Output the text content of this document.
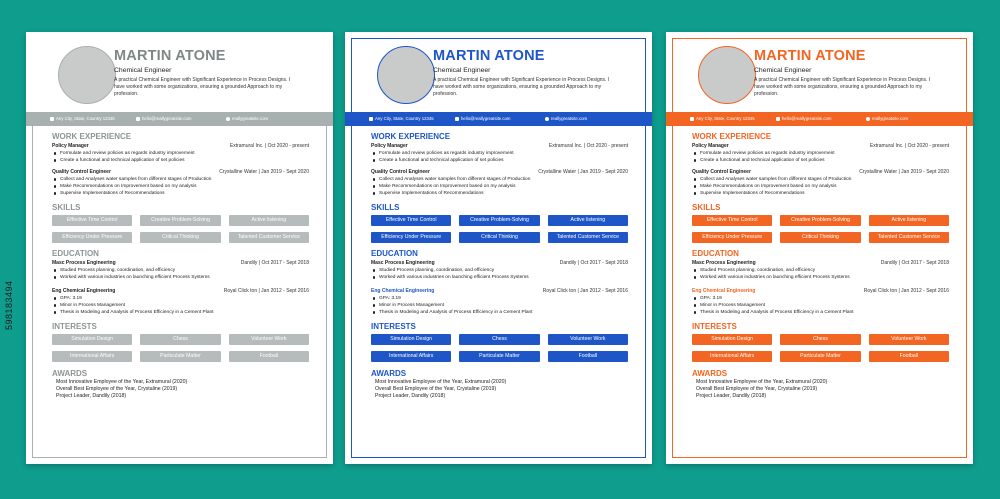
598183494
MARTIN ATONE
Chemical Engineer
A practical Chemical Engineer with Significant Experience in Process Designs. I have worked with some organizations, ensuring a grounded Approach to my profession.
Any City, State, Country 12345	hello@reallygreatsite.com	reallygreatsite.com
WORK EXPERIENCE
Policy Manager	Extramural Inc. | Oct 2020 - present
Formulate and review policies as regards industry improvement
Create a functional and technical application of set policies
Quality Control Engineer	Crystalline Water | Jan 2019 - Sept 2020
Collect and Analyses water samples from different stages of Production
Make Recommendations on Improvement based on my analysis
Supervise Implementations of Recommendations
SKILLS
Effective Time Control	Creative Problem-Solving	Active listening
Efficiency Under Pressure	Critical Thinking	Talented Customer Service
EDUCATION
Masc Process Engineering	Dandily | Oct 2017 - Sept 2018
Studied Process planning, coordination, and efficiency
Worked with various industries on launching efficient Process Systems
Eng Chemical Engineering	Royal Click ton | Jan 2012 - Sept 2016
GPA: 3.19
Minor in Process Management
Thesis in Modeling and Analysis of Process Efficiency in a Cement Plant
INTERESTS
Simulation Design	Chess	Volunteer Work
International Affairs	Particulate Matter	Football
AWARDS
Most Innovative Employee of the Year, Extramural (2020)
Overall Best Employee of the Year, Crystaline (2019)
Project Leader, Dandily (2018)
MARTIN ATONE
Chemical Engineer
A practical Chemical Engineer with Significant Experience in Process Designs. I have worked with some organizations, ensuring a grounded Approach to my profession.
Any City, State, Country 12345	hello@reallygreatsite.com	reallygreatsite.com
WORK EXPERIENCE
Policy Manager	Extramural Inc. | Oct 2020 - present
Formulate and review policies as regards industry improvement
Create a functional and technical application of set policies
Quality Control Engineer	Crystalline Water | Jan 2019 - Sept 2020
Collect and Analyses water samples from different stages of Production
Make Recommendations on Improvement based on my analysis
Supervise Implementations of Recommendations
SKILLS
Effective Time Control	Creative Problem-Solving	Active listening
Efficiency Under Pressure	Critical Thinking	Talented Customer Service
EDUCATION
Masc Process Engineering	Dandily | Oct 2017 - Sept 2018
Studied Process planning, coordination, and efficiency
Worked with various industries on launching efficient Process Systems
Eng Chemical Engineering	Royal Click ton | Jan 2012 - Sept 2016
GPA: 3.19
Minor in Process Management
Thesis in Modeling and Analysis of Process Efficiency in a Cement Plant
INTERESTS
Simulation Design	Chess	Volunteer Work
International Affairs	Particulate Matter	Football
AWARDS
Most Innovative Employee of the Year, Extramural (2020)
Overall Best Employee of the Year, Crystaline (2019)
Project Leader, Dandily (2018)
MARTIN ATONE
Chemical Engineer
A practical Chemical Engineer with Significant Experience in Process Designs. I have worked with some organizations, ensuring a grounded Approach to my profession.
Any City, State, Country 12345	hello@reallygreatsite.com	reallygreatsite.com
WORK EXPERIENCE
Policy Manager	Extramural Inc. | Oct 2020 - present
Formulate and review policies as regards industry improvement
Create a functional and technical application of set policies
Quality Control Engineer	Crystalline Water | Jan 2019 - Sept 2020
Collect and Analyses water samples from different stages of Production
Make Recommendations on Improvement based on my analysis
Supervise Implementations of Recommendations
SKILLS
Effective Time Control	Creative Problem-Solving	Active listening
Efficiency Under Pressure	Critical Thinking	Talented Customer Service
EDUCATION
Masc Process Engineering	Dandily | Oct 2017 - Sept 2018
Studied Process planning, coordination, and efficiency
Worked with various industries on launching efficient Process Systems
Eng Chemical Engineering	Royal Click ton | Jan 2012 - Sept 2016
GPA: 3.19
Minor in Process Management
Thesis in Modeling and Analysis of Process Efficiency in a Cement Plant
INTERESTS
Simulation Design	Chess	Volunteer Work
International Affairs	Particulate Matter	Football
AWARDS
Most Innovative Employee of the Year, Extramural (2020)
Overall Best Employee of the Year, Crystaline (2019)
Project Leader, Dandily (2018)
